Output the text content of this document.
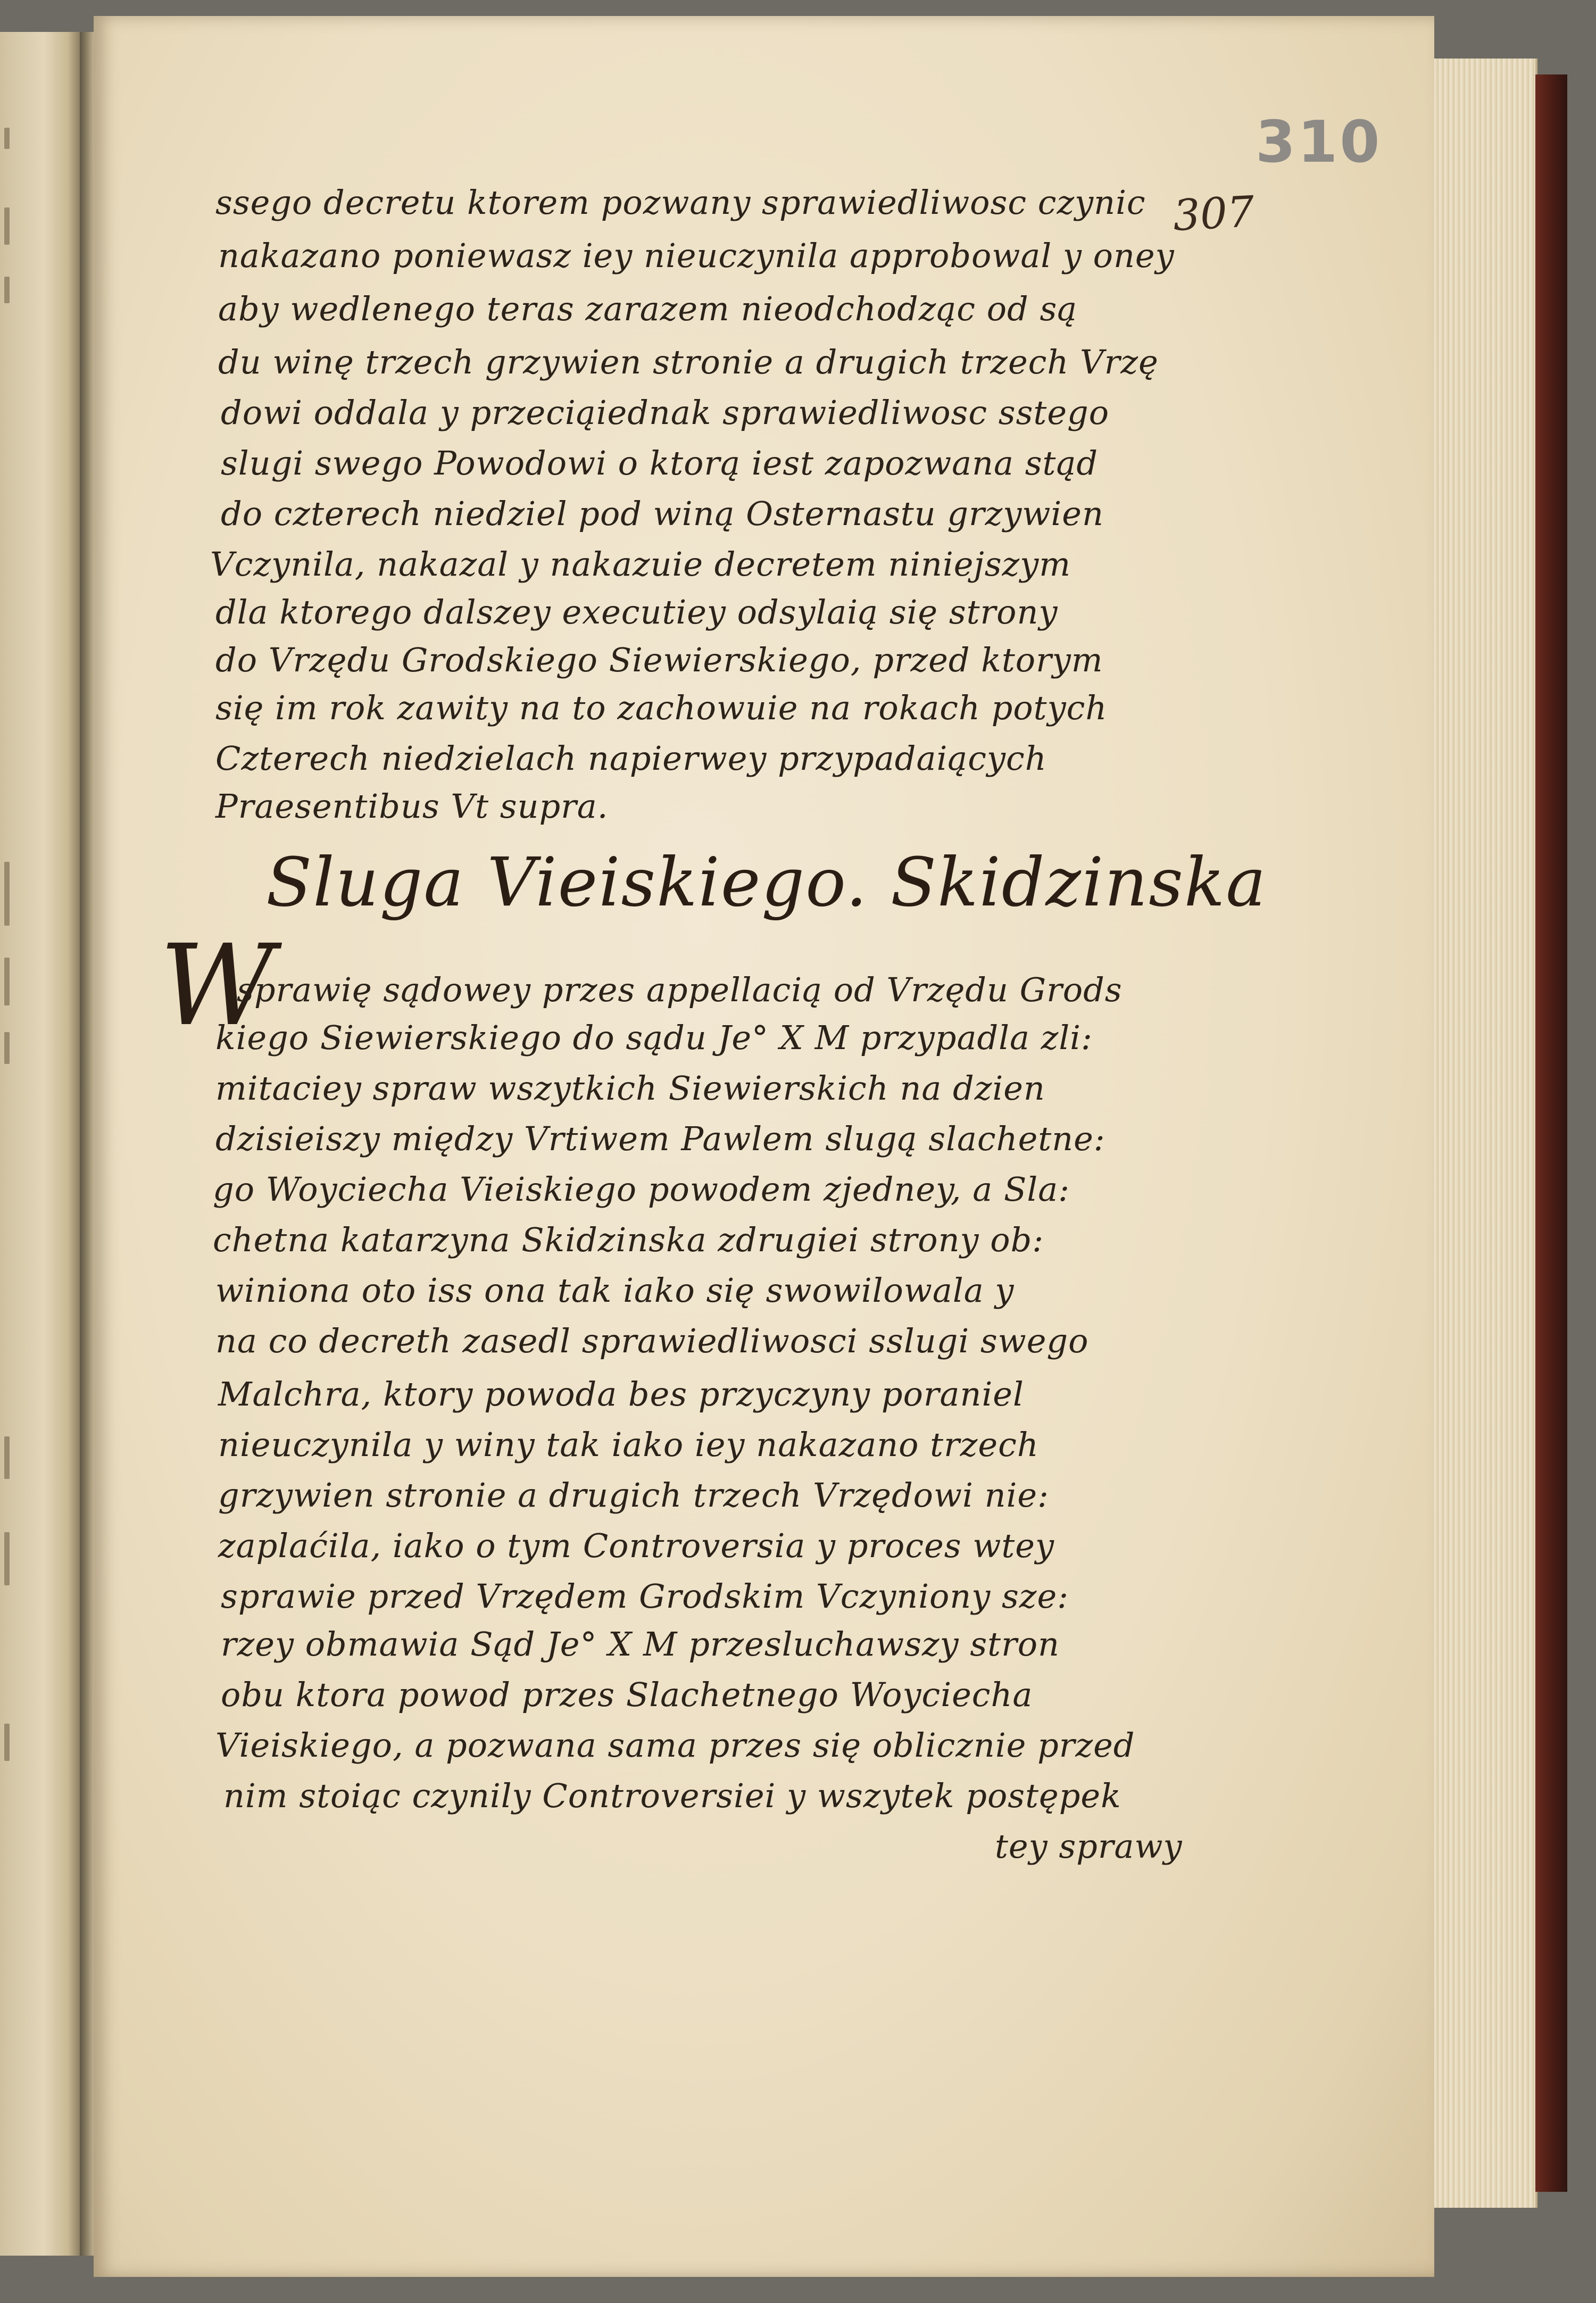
310
307
ssego decretu ktorem pozwany sprawiedliwosc czynic
nakazano poniewasz iey nieuczynila approbowal y oney
aby wedlenego teras zarazem nieodchodząc od są
du winę trzech grzywien stronie a drugich trzech Vrzę
dowi oddala y przeciąiednak sprawiedliwosc sstego
slugi swego Powodowi o ktorą iest zapozwana stąd
do czterech niedziel pod winą Osternastu grzywien
Vczynila, nakazal y nakazuie decretem niniejszym
dla ktorego dalszey executiey odsylaią się strony
do Vrzędu Grodskiego Siewierskiego, przed ktorym
się im rok zawity na to zachowuie na rokach potych
Czterech niedzielach napierwey przypadaiących
Praesentibus Vt supra.
Sluga Vieiskiego. Skidzinska
W
sprawię sądowey przes appellacią od Vrzędu Grods
kiego Siewierskiego do sądu Je° X M przypadla zli:
mitaciey spraw wszytkich Siewierskich na dzien
dzisieiszy między Vrtiwem Pawlem slugą slachetne:
go Woyciecha Vieiskiego powodem zjedney, a Sla:
chetna katarzyna Skidzinska zdrugiei strony ob:
winiona oto iss ona tak iako się swowilowala y
na co decreth zasedl sprawiedliwosci sslugi swego
Malchra, ktory powoda bes przyczyny poraniel
nieuczynila y winy tak iako iey nakazano trzech
grzywien stronie a drugich trzech Vrzędowi nie:
zaplaćila, iako o tym Controversia y proces wtey
sprawie przed Vrzędem Grodskim Vczyniony sze:
rzey obmawia Sąd Je° X M przesluchawszy stron
obu ktora powod przes Slachetnego Woyciecha
Vieiskiego, a pozwana sama przes się oblicznie przed
nim stoiąc czynily Controversiei y wszytek postępek
tey sprawy
